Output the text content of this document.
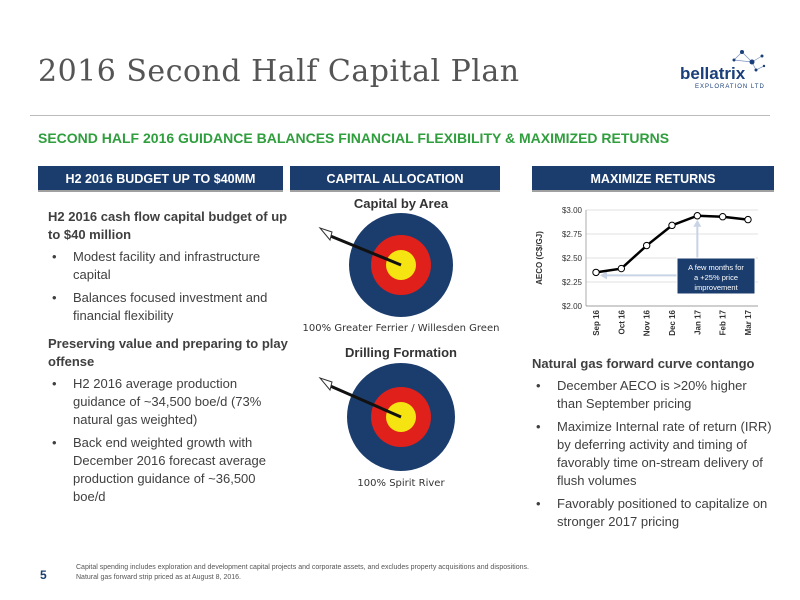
2016 Second Half Capital Plan	bellatrix
EXPLORATION LTD
SECOND HALF 2016 GUIDANCE BALANCES FINANCIAL FLEXIBILITY & MAXIMIZED RETURNS
H2 2016 BUDGET UP TO $40MM	CAPITAL ALLOCATION	MAXIMIZE RETURNS
H2 2016 cash flow capital budget of up to $40 million
• Modest facility and infrastructure capital
• Balances focused investment and financial flexibility
Preserving value and preparing to play offense
• H2 2016 average production guidance of ~34,500 boe/d (73% natural gas weighted)
• Back end weighted growth with December 2016 forecast average production guidance of ~36,500 boe/d
Capital by Area
100% Greater Ferrier / Willesden Green
Drilling Formation
100% Spirit River
$3.00
$2.75
$2.50
$2.25
$2.00
AECO (C$/GJ)
Sep 16 Oct 16 Nov 16 Dec 16 Jan 17 Feb 17 Mar 17
A few months for
a +25% price
improvement
Natural gas forward curve contango
• December AECO is >20% higher than September pricing
• Maximize Internal rate of return (IRR) by deferring activity and timing of favorably time on-stream delivery of flush volumes
• Favorably positioned to capitalize on stronger 2017 pricing
5
Capital spending includes exploration and development capital projects and corporate assets, and excludes property acquisitions and dispositions.
Natural gas forward strip priced as at August 8, 2016.
